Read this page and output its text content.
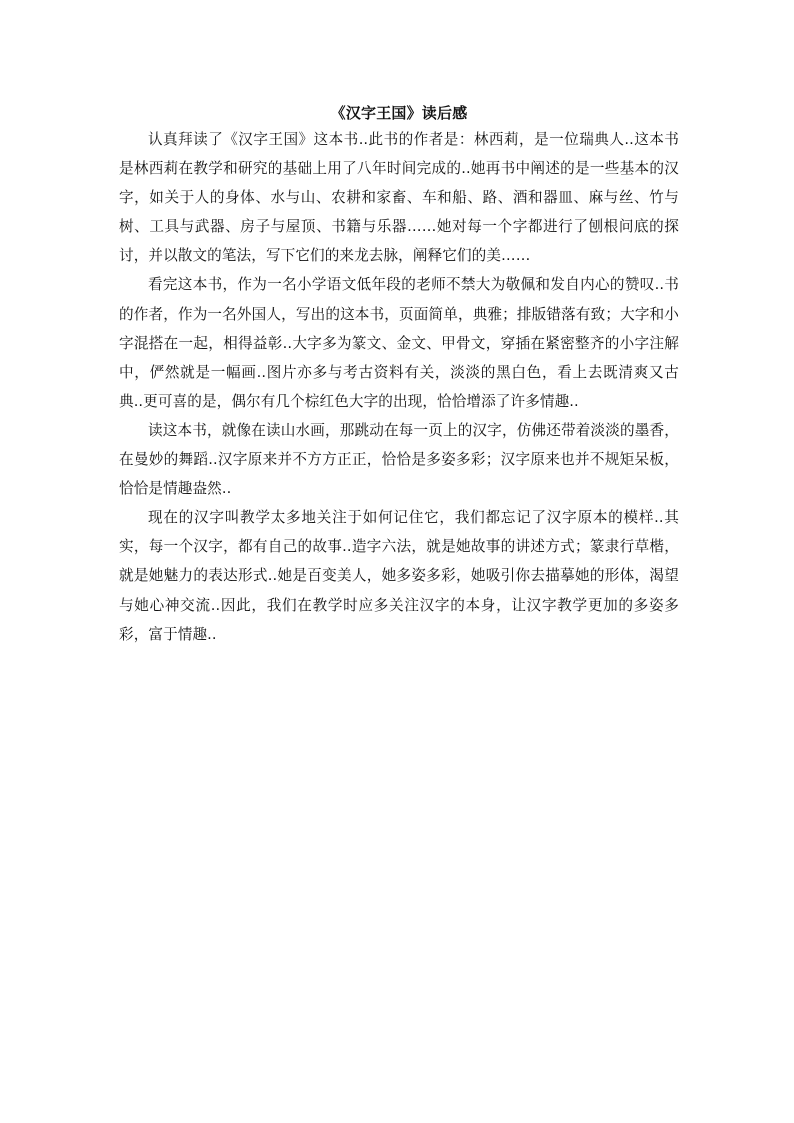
《汉字王国》读后感

认真拜读了《汉字王国》这本书..此书的作者是：林西莉，是一位瑞典人..这本书是林西莉在教学和研究的基础上用了八年时间完成的..她再书中阐述的是一些基本的汉字，如关于人的身体、水与山、农耕和家畜、车和船、路、酒和器皿、麻与丝、竹与树、工具与武器、房子与屋顶、书籍与乐器……她对每一个字都进行了刨根问底的探讨，并以散文的笔法，写下它们的来龙去脉，阐释它们的美……

看完这本书，作为一名小学语文低年段的老师不禁大为敬佩和发自内心的赞叹..书的作者，作为一名外国人，写出的这本书，页面简单，典雅；排版错落有致；大字和小字混搭在一起，相得益彰..大字多为篆文、金文、甲骨文，穿插在紧密整齐的小字注解中，俨然就是一幅画..图片亦多与考古资料有关，淡淡的黑白色，看上去既清爽又古典..更可喜的是，偶尔有几个棕红色大字的出现，恰恰增添了许多情趣..

读这本书，就像在读山水画，那跳动在每一页上的汉字，仿佛还带着淡淡的墨香，在曼妙的舞蹈..汉字原来并不方方正正，恰恰是多姿多彩；汉字原来也并不规矩呆板，恰恰是情趣盎然..

现在的汉字叫教学太多地关注于如何记住它，我们都忘记了汉字原本的模样..其实，每一个汉字，都有自己的故事..造字六法，就是她故事的讲述方式；篆隶行草楷，就是她魅力的表达形式..她是百变美人，她多姿多彩，她吸引你去描摹她的形体，渴望与她心神交流..因此，我们在教学时应多关注汉字的本身，让汉字教学更加的多姿多彩，富于情趣..
